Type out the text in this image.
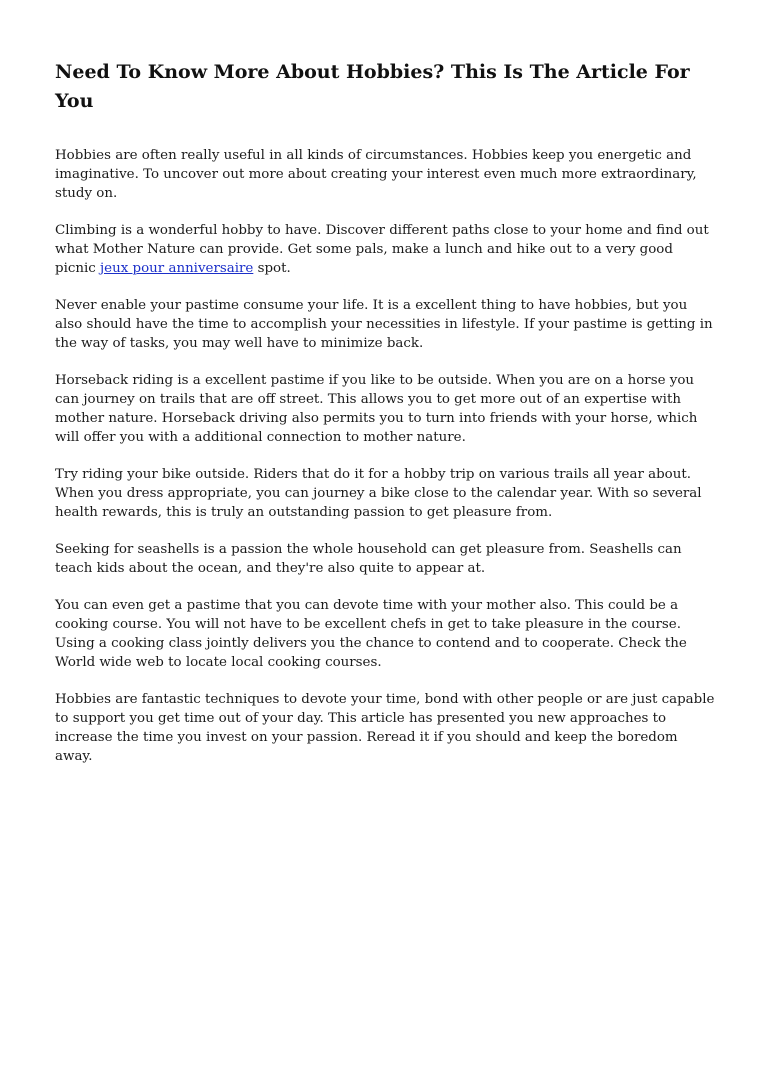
Need To Know More About Hobbies? This Is The Article For You

Hobbies are often really useful in all kinds of circumstances. Hobbies keep you energetic and imaginative. To uncover out more about creating your interest even much more extraordinary, study on.

Climbing is a wonderful hobby to have. Discover different paths close to your home and find out what Mother Nature can provide. Get some pals, make a lunch and hike out to a very good picnic jeux pour anniversaire spot.

Never enable your pastime consume your life. It is a excellent thing to have hobbies, but you also should have the time to accomplish your necessities in lifestyle. If your pastime is getting in the way of tasks, you may well have to minimize back.

Horseback riding is a excellent pastime if you like to be outside. When you are on a horse you can journey on trails that are off street. This allows you to get more out of an expertise with mother nature. Horseback driving also permits you to turn into friends with your horse, which will offer you with a additional connection to mother nature.

Try riding your bike outside. Riders that do it for a hobby trip on various trails all year about. When you dress appropriate, you can journey a bike close to the calendar year. With so several health rewards, this is truly an outstanding passion to get pleasure from.

Seeking for seashells is a passion the whole household can get pleasure from. Seashells can teach kids about the ocean, and they're also quite to appear at.

You can even get a pastime that you can devote time with your mother also. This could be a cooking course. You will not have to be excellent chefs in get to take pleasure in the course. Using a cooking class jointly delivers you the chance to contend and to cooperate. Check the World wide web to locate local cooking courses.

Hobbies are fantastic techniques to devote your time, bond with other people or are just capable to support you get time out of your day. This article has presented you new approaches to increase the time you invest on your passion. Reread it if you should and keep the boredom away.
